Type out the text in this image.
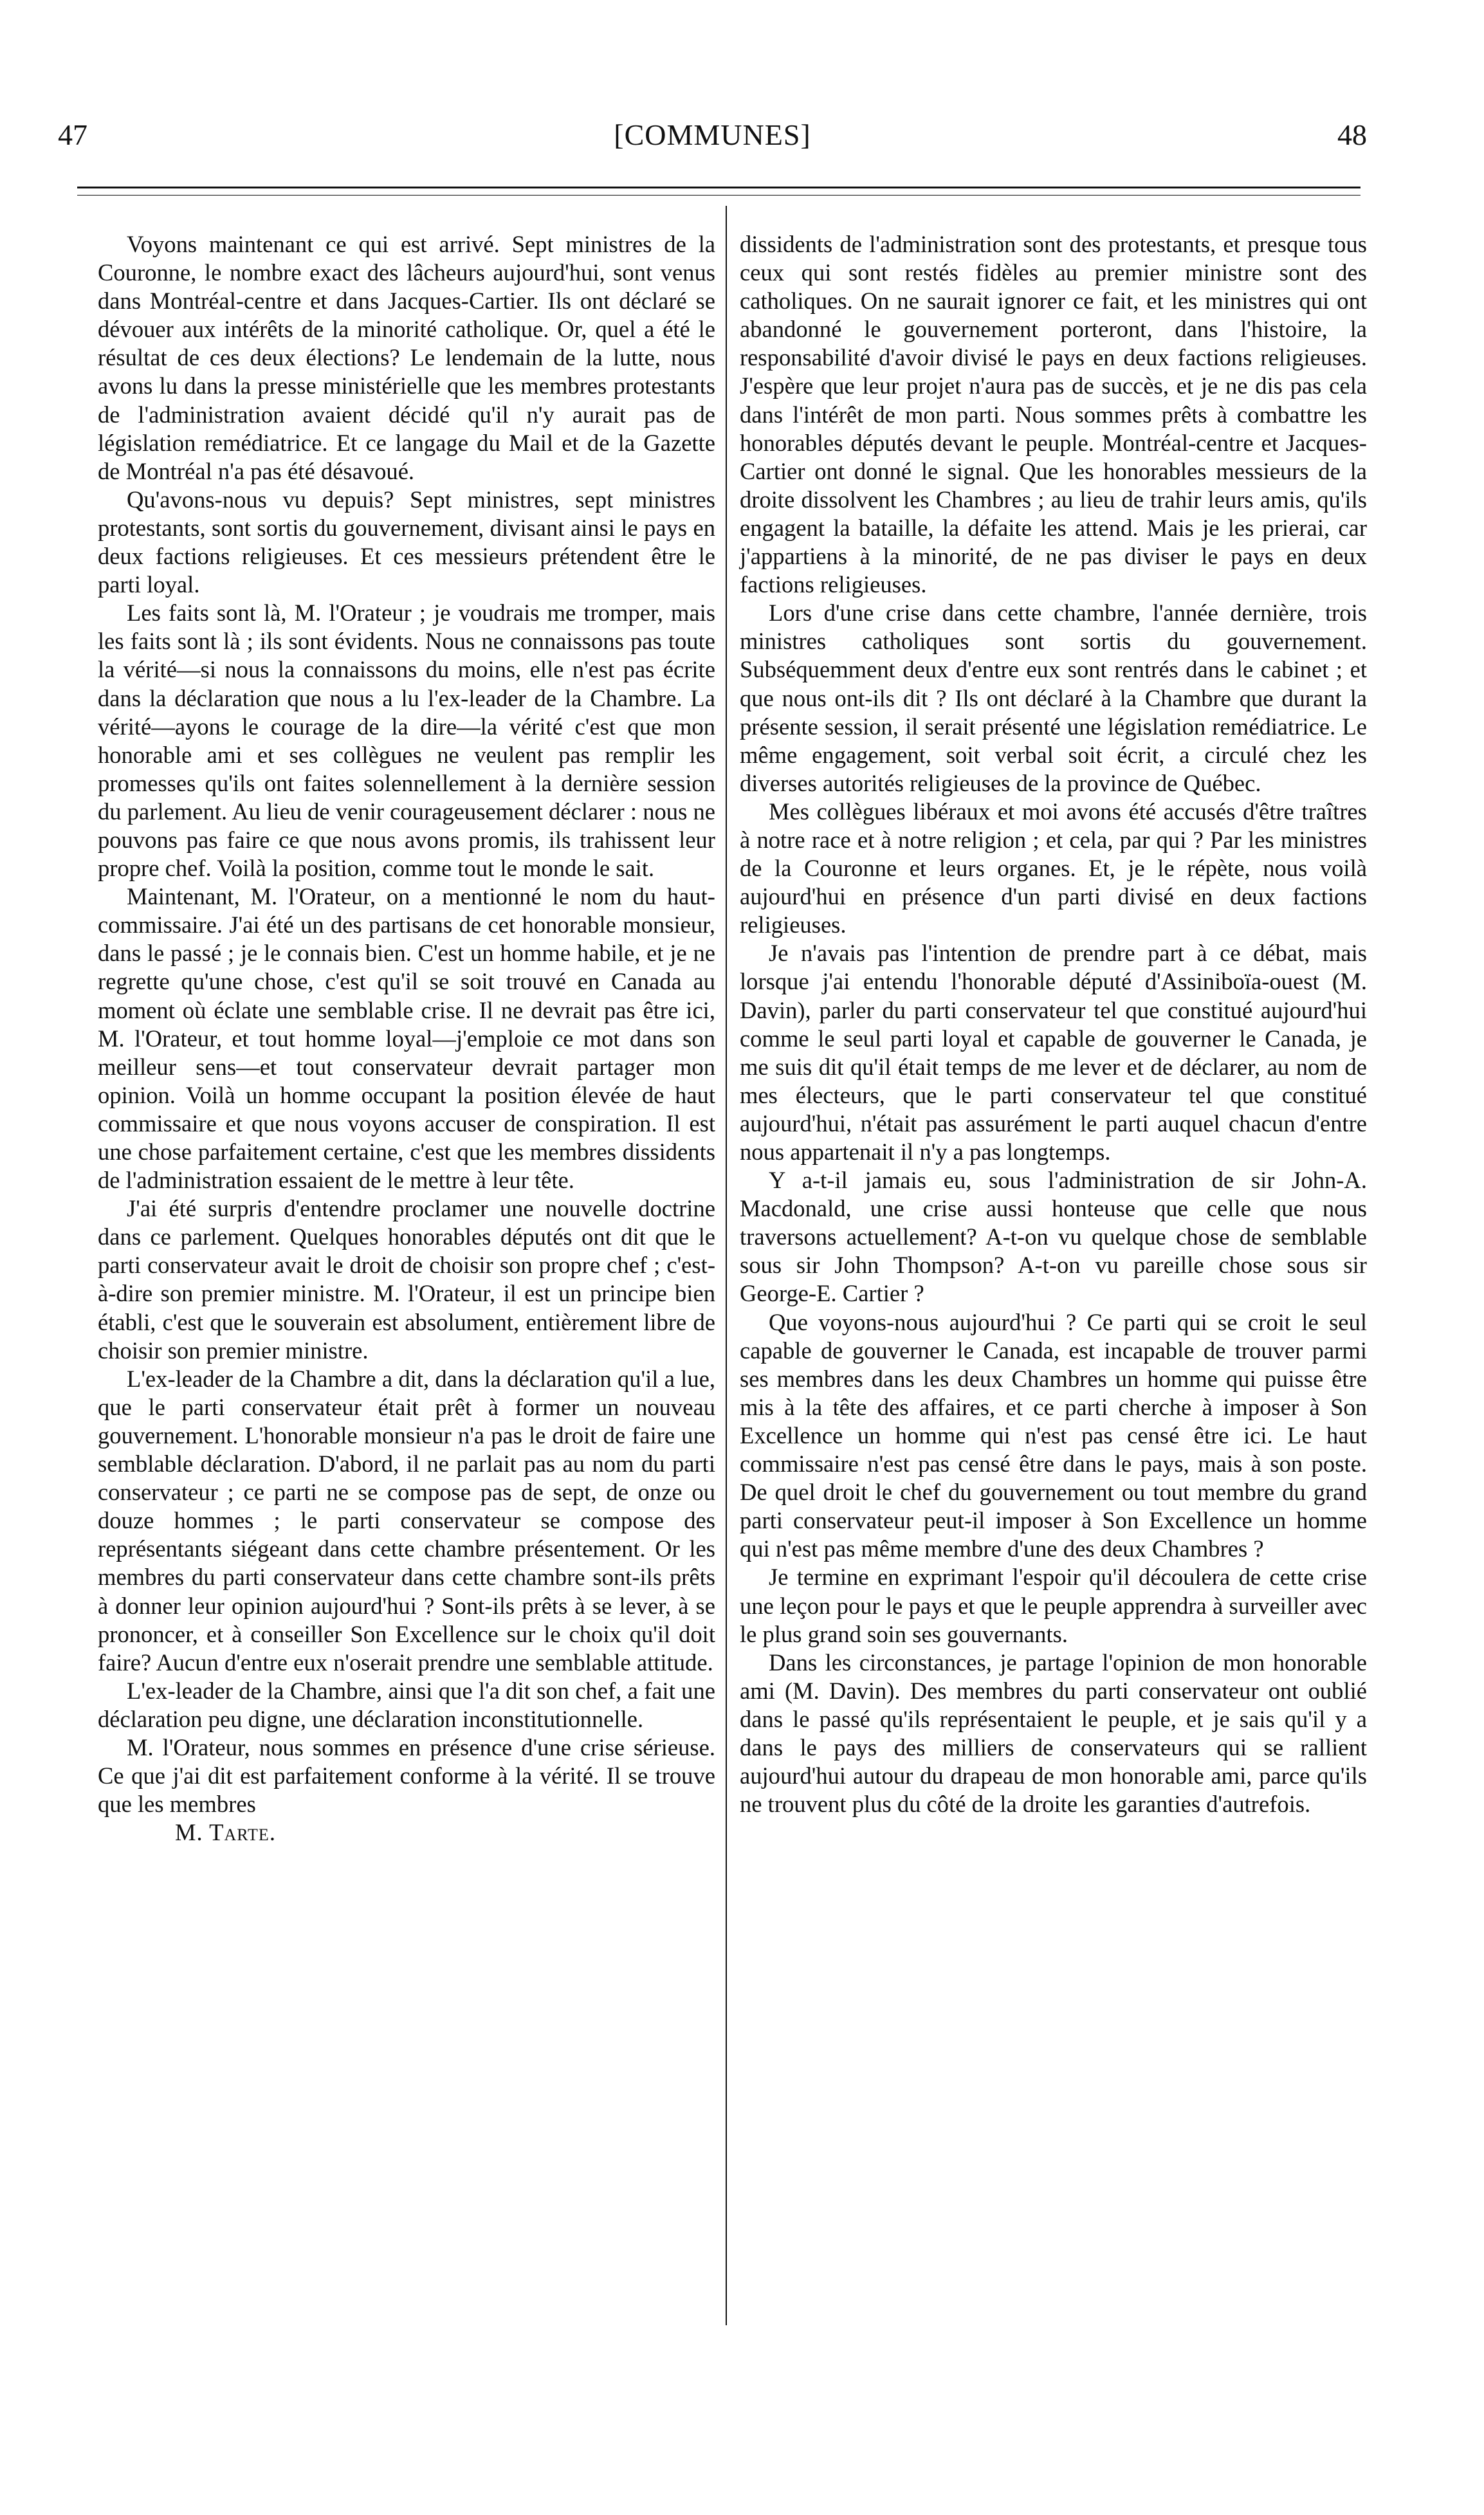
47	[COMMUNES]	48

Voyons maintenant ce qui est arrivé. Sept ministres de la Couronne, le nombre exact des lâcheurs aujourd'hui, sont venus dans Montréal-centre et dans Jacques-Cartier. Ils ont déclaré se dévouer aux intérêts de la minorité catholique. Or, quel a été le résultat de ces deux élections? Le lendemain de la lutte, nous avons lu dans la presse ministérielle que les membres protestants de l'administration avaient décidé qu'il n'y aurait pas de législation remédiatrice. Et ce langage du Mail et de la Gazette de Montréal n'a pas été désavoué.

Qu'avons-nous vu depuis? Sept ministres, sept ministres protestants, sont sortis du gouvernement, divisant ainsi le pays en deux factions religieuses. Et ces messieurs prétendent être le parti loyal.

Les faits sont là, M. l'Orateur ; je voudrais me tromper, mais les faits sont là ; ils sont évidents. Nous ne connaissons pas toute la vérité—si nous la connaissons du moins, elle n'est pas écrite dans la déclaration que nous a lu l'ex-leader de la Chambre. La vérité—ayons le courage de la dire—la vérité c'est que mon honorable ami et ses collègues ne veulent pas remplir les promesses qu'ils ont faites solennellement à la dernière session du parlement. Au lieu de venir courageusement déclarer : nous ne pouvons pas faire ce que nous avons promis, ils trahissent leur propre chef. Voilà la position, comme tout le monde le sait.

Maintenant, M. l'Orateur, on a mentionné le nom du haut-commissaire. J'ai été un des partisans de cet honorable monsieur, dans le passé ; je le connais bien. C'est un homme habile, et je ne regrette qu'une chose, c'est qu'il se soit trouvé en Canada au moment où éclate une semblable crise. Il ne devrait pas être ici, M. l'Orateur, et tout homme loyal—j'emploie ce mot dans son meilleur sens—et tout conservateur devrait partager mon opinion. Voilà un homme occupant la position élevée de haut commissaire et que nous voyons accuser de conspiration. Il est une chose parfaitement certaine, c'est que les membres dissidents de l'administration essaient de le mettre à leur tête.

J'ai été surpris d'entendre proclamer une nouvelle doctrine dans ce parlement. Quelques honorables députés ont dit que le parti conservateur avait le droit de choisir son propre chef ; c'est-à-dire son premier ministre. M. l'Orateur, il est un principe bien établi, c'est que le souverain est absolument, entièrement libre de choisir son premier ministre.

L'ex-leader de la Chambre a dit, dans la déclaration qu'il a lue, que le parti conservateur était prêt à former un nouveau gouvernement. L'honorable monsieur n'a pas le droit de faire une semblable déclaration. D'abord, il ne parlait pas au nom du parti conservateur ; ce parti ne se compose pas de sept, de onze ou douze hommes ; le parti conservateur se compose des représentants siégeant dans cette chambre présentement. Or les membres du parti conservateur dans cette chambre sont-ils prêts à donner leur opinion aujourd'hui ? Sont-ils prêts à se lever, à se prononcer, et à conseiller Son Excellence sur le choix qu'il doit faire? Aucun d'entre eux n'oserait prendre une semblable attitude.

L'ex-leader de la Chambre, ainsi que l'a dit son chef, a fait une déclaration peu digne, une déclaration inconstitutionnelle.

M. l'Orateur, nous sommes en présence d'une crise sérieuse. Ce que j'ai dit est parfaitement conforme à la vérité. Il se trouve que les membres

M. Tarte.

dissidents de l'administration sont des protestants, et presque tous ceux qui sont restés fidèles au premier ministre sont des catholiques. On ne saurait ignorer ce fait, et les ministres qui ont abandonné le gouvernement porteront, dans l'histoire, la responsabilité d'avoir divisé le pays en deux factions religieuses. J'espère que leur projet n'aura pas de succès, et je ne dis pas cela dans l'intérêt de mon parti. Nous sommes prêts à combattre les honorables députés devant le peuple. Montréal-centre et Jacques-Cartier ont donné le signal. Que les honorables messieurs de la droite dissolvent les Chambres ; au lieu de trahir leurs amis, qu'ils engagent la bataille, la défaite les attend. Mais je les prierai, car j'appartiens à la minorité, de ne pas diviser le pays en deux factions religieuses.

Lors d'une crise dans cette chambre, l'année dernière, trois ministres catholiques sont sortis du gouvernement. Subséquemment deux d'entre eux sont rentrés dans le cabinet ; et que nous ont-ils dit ? Ils ont déclaré à la Chambre que durant la présente session, il serait présenté une législation remédiatrice. Le même engagement, soit verbal soit écrit, a circulé chez les diverses autorités religieuses de la province de Québec.

Mes collègues libéraux et moi avons été accusés d'être traîtres à notre race et à notre religion ; et cela, par qui ? Par les ministres de la Couronne et leurs organes. Et, je le répète, nous voilà aujourd'hui en présence d'un parti divisé en deux factions religieuses.

Je n'avais pas l'intention de prendre part à ce débat, mais lorsque j'ai entendu l'honorable député d'Assiniboïa-ouest (M. Davin), parler du parti conservateur tel que constitué aujourd'hui comme le seul parti loyal et capable de gouverner le Canada, je me suis dit qu'il était temps de me lever et de déclarer, au nom de mes électeurs, que le parti conservateur tel que constitué aujourd'hui, n'était pas assurément le parti auquel chacun d'entre nous appartenait il n'y a pas longtemps.

Y a-t-il jamais eu, sous l'administration de sir John-A. Macdonald, une crise aussi honteuse que celle que nous traversons actuellement? A-t-on vu quelque chose de semblable sous sir John Thompson? A-t-on vu pareille chose sous sir George-E. Cartier ?

Que voyons-nous aujourd'hui ? Ce parti qui se croit le seul capable de gouverner le Canada, est incapable de trouver parmi ses membres dans les deux Chambres un homme qui puisse être mis à la tête des affaires, et ce parti cherche à imposer à Son Excellence un homme qui n'est pas censé être ici. Le haut commissaire n'est pas censé être dans le pays, mais à son poste. De quel droit le chef du gouvernement ou tout membre du grand parti conservateur peut-il imposer à Son Excellence un homme qui n'est pas même membre d'une des deux Chambres ?

Je termine en exprimant l'espoir qu'il découlera de cette crise une leçon pour le pays et que le peuple apprendra à surveiller avec le plus grand soin ses gouvernants.

Dans les circonstances, je partage l'opinion de mon honorable ami (M. Davin). Des membres du parti conservateur ont oublié dans le passé qu'ils représentaient le peuple, et je sais qu'il y a dans le pays des milliers de conservateurs qui se rallient aujourd'hui autour du drapeau de mon honorable ami, parce qu'ils ne trouvent plus du côté de la droite les garanties d'autrefois.
